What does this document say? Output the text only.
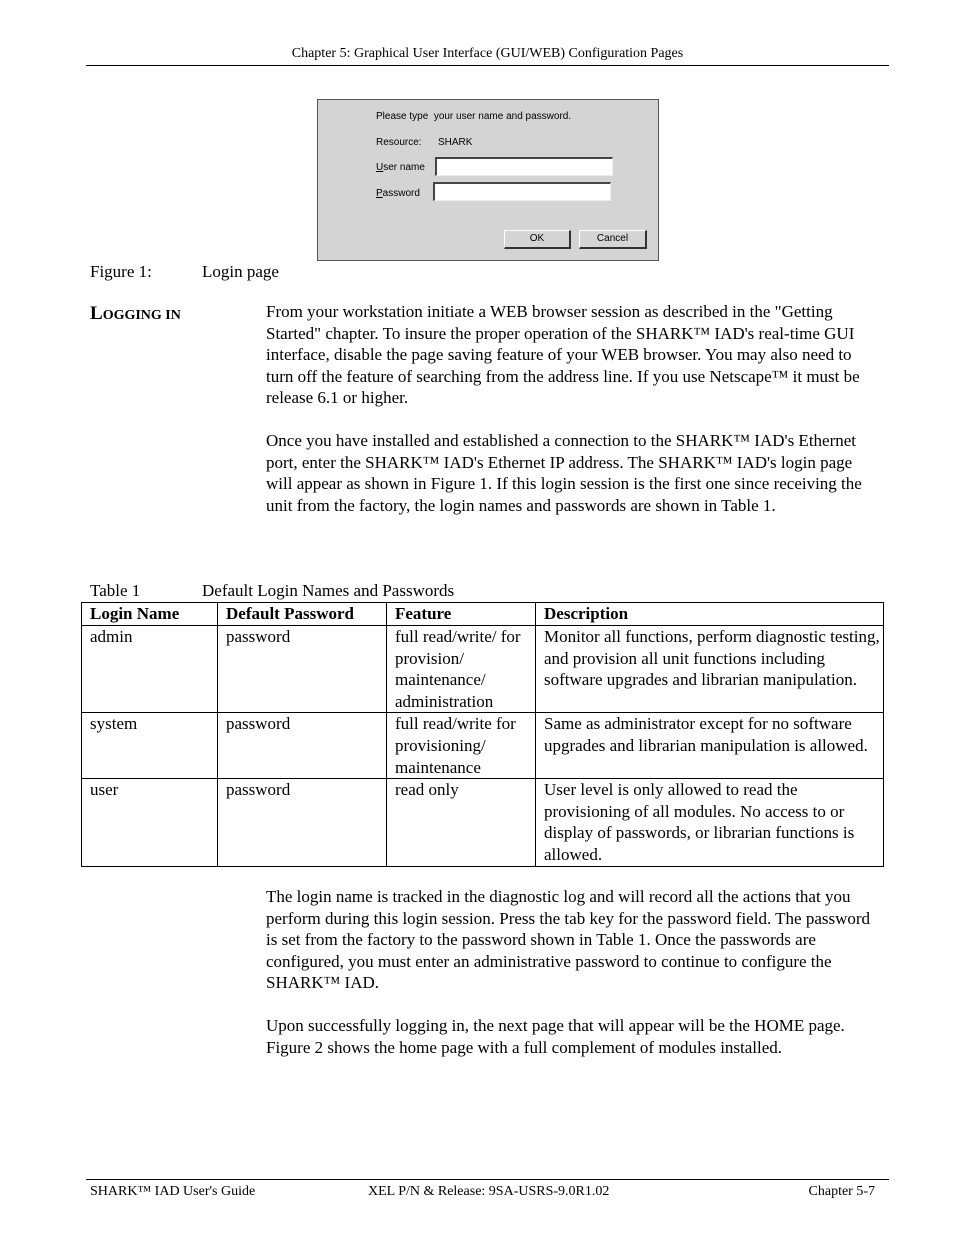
Chapter 5: Graphical User Interface (GUI/WEB) Configuration Pages
Please type  your user name and password.
Resource: SHARK
User name
Password
OK	Cancel
Figure 1:	Login page
LOGGING IN	From your workstation initiate a WEB browser session as described in the "Getting Started" chapter. To insure the proper operation of the SHARK™ IAD's real-time GUI interface, disable the page saving feature of your WEB browser. You may also need to turn off the feature of searching from the address line. If you use Netscape™ it must be release 6.1 or higher.
Once you have installed and established a connection to the SHARK™ IAD's Ethernet port, enter the SHARK™ IAD's Ethernet IP address. The SHARK™ IAD's login page will appear as shown in Figure 1. If this login session is the first one since receiving the unit from the factory, the login names and passwords are shown in Table 1.
Table 1	Default Login Names and Passwords
Login Name	Default Password	Feature	Description
admin	password	full read/write/ for provision/ maintenance/ administration	Monitor all functions, perform diagnostic testing, and provision all unit functions including software upgrades and librarian manipulation.
system	password	full read/write for provisioning/ maintenance	Same as administrator except for no software upgrades and librarian manipulation is allowed.
user	password	read only	User level is only allowed to read the provisioning of all modules. No access to or display of passwords, or librarian functions is allowed.
The login name is tracked in the diagnostic log and will record all the actions that you perform during this login session. Press the tab key for the password field. The password is set from the factory to the password shown in Table 1. Once the passwords are configured, you must enter an administrative password to continue to configure the SHARK™ IAD.
Upon successfully logging in, the next page that will appear will be the HOME page. Figure 2 shows the home page with a full complement of modules installed.
SHARK™ IAD User's Guide	XEL P/N & Release: 9SA-USRS-9.0R1.02	Chapter 5-7
